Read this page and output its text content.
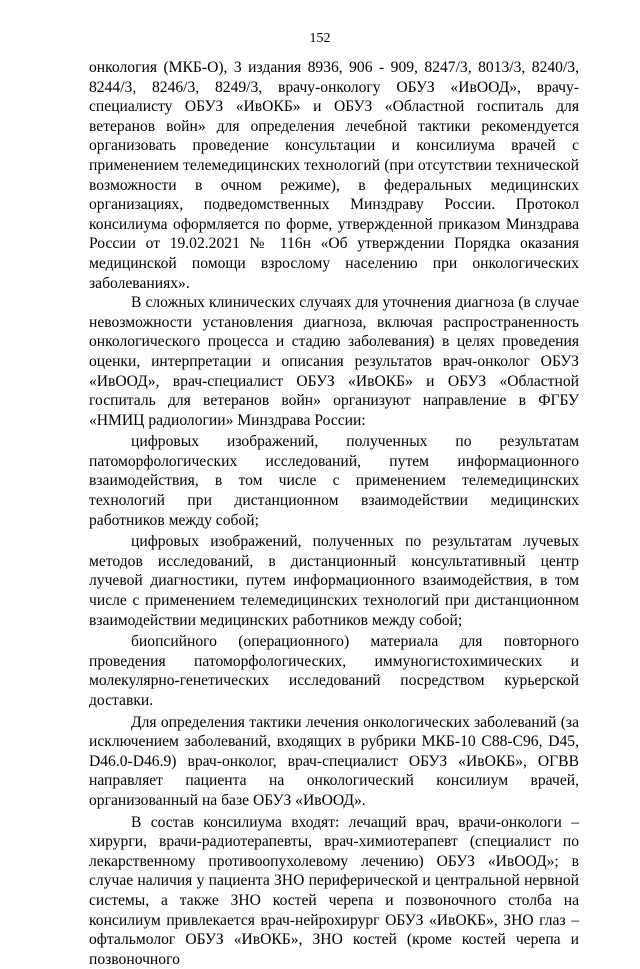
152

онкология (МКБ-О), 3 издания 8936, 906 - 909, 8247/3, 8013/3, 8240/3, 8244/3, 8246/3, 8249/3, врачу-онкологу ОБУЗ «ИвООД», врачу-специалисту ОБУЗ «ИвОКБ» и ОБУЗ «Областной госпиталь для ветеранов войн» для определения лечебной тактики рекомендуется организовать проведение консультации и консилиума врачей с применением телемедицинских технологий (при отсутствии технической возможности в очном режиме), в федеральных медицинских организациях, подведомственных Минздраву России. Протокол консилиума оформляется по форме, утвержденной приказом Минздрава России от 19.02.2021 № 116н «Об утверждении Порядка оказания медицинской помощи взрослому населению при онкологических заболеваниях».

В сложных клинических случаях для уточнения диагноза (в случае невозможности установления диагноза, включая распространенность онкологического процесса и стадию заболевания) в целях проведения оценки, интерпретации и описания результатов врач-онколог ОБУЗ «ИвООД», врач-специалист ОБУЗ «ИвОКБ» и ОБУЗ «Областной госпиталь для ветеранов войн» организуют направление в ФГБУ «НМИЦ радиологии» Минздрава России:

цифровых изображений, полученных по результатам патоморфологических исследований, путем информационного взаимодействия, в том числе с применением телемедицинских технологий при дистанционном взаимодействии медицинских работников между собой;

цифровых изображений, полученных по результатам лучевых методов исследований, в дистанционный консультативный центр лучевой диагностики, путем информационного взаимодействия, в том числе с применением телемедицинских технологий при дистанционном взаимодействии медицинских работников между собой;

биопсийного (операционного) материала для повторного проведения патоморфологических, иммуногистохимических и молекулярно-генетических исследований посредством курьерской доставки.

Для определения тактики лечения онкологических заболеваний (за исключением заболеваний, входящих в рубрики МКБ-10 С88-С96, D45, D46.0-D46.9) врач-онколог, врач-специалист ОБУЗ «ИвОКБ», ОГВВ направляет пациента на онкологический консилиум врачей, организованный на базе ОБУЗ «ИвООД».

В состав консилиума входят: лечащий врач, врачи-онкологи – хирурги, врачи-радиотерапевты, врач-химиотерапевт (специалист по лекарственному противоопухолевому лечению) ОБУЗ «ИвООД»; в случае наличия у пациента ЗНО периферической и центральной нервной системы, а также ЗНО костей черепа и позвоночного столба на консилиум привлекается врач-нейрохирург ОБУЗ «ИвОКБ», ЗНО глаз – офтальмолог ОБУЗ «ИвОКБ», ЗНО костей (кроме костей черепа и позвоночного
